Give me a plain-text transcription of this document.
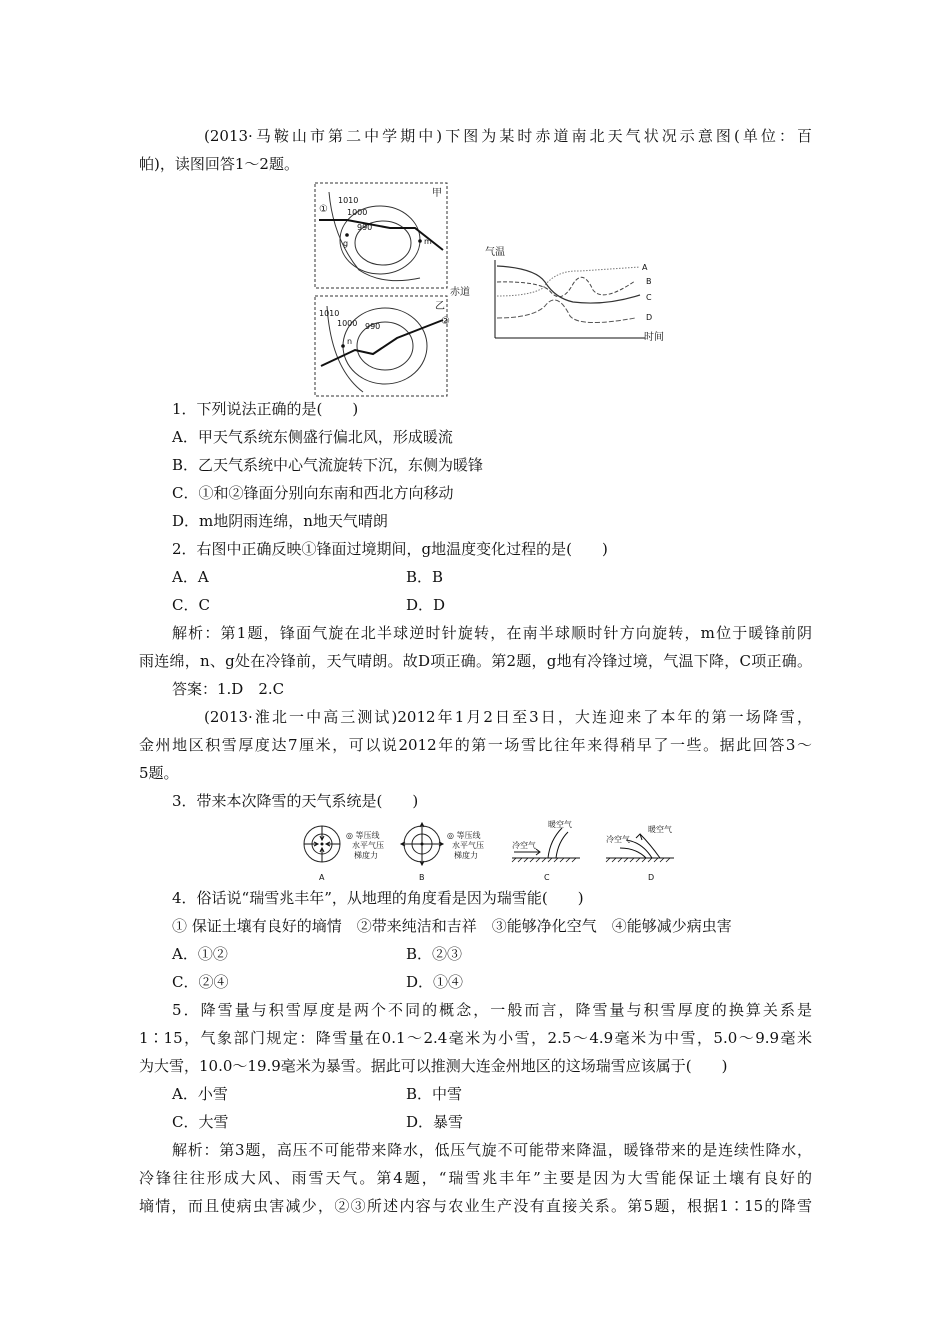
(2013·马鞍山市第二中学期中)下图为某时赤道南北天气状况示意图(单位：百
帕)，读图回答1～2题。
甲
1010
1000
990
①
g	m
赤道
乙
②
1010
1000 990
n
气温
时间
A
B
C
D
1．下列说法正确的是(　　)
A．甲天气系统东侧盛行偏北风，形成暖流
B．乙天气系统中心气流旋转下沉，东侧为暖锋
C．①和②锋面分别向东南和西北方向移动
D．m地阴雨连绵，n地天气晴朗
2．右图中正确反映①锋面过境期间，g地温度变化过程的是(　　)
A．A	B．B
C．C	D．D
解析：第1题，锋面气旋在北半球逆时针旋转，在南半球顺时针方向旋转，m位于暖锋前阴
雨连绵，n、g处在冷锋前，天气晴朗。故D项正确。第2题，g地有冷锋过境，气温下降，C项正确。
答案：1.D　2.C
(2013·淮北一中高三测试)2012年1月2日至3日，大连迎来了本年的第一场降雪，
金州地区积雪厚度达7厘米，可以说2012年的第一场雪比往年来得稍早了一些。据此回答3～
5题。
3．带来本次降雪的天气系统是(　　)
◎ 等压线
水平气压
梯度力
A
◎ 等压线
水平气压
梯度力
B
冷空气
暖空气
C
冷空气
暖空气
D
4．俗话说“瑞雪兆丰年”，从地理的角度看是因为瑞雪能(　　)
① 保证土壤有良好的墒情　②带来纯洁和吉祥　③能够净化空气　④能够减少病虫害
A．①②	B．②③
C．②④	D．①④
5．降雪量与积雪厚度是两个不同的概念，一般而言，降雪量与积雪厚度的换算关系是
1∶15，气象部门规定：降雪量在0.1～2.4毫米为小雪，2.5～4.9毫米为中雪，5.0～9.9毫米
为大雪，10.0～19.9毫米为暴雪。据此可以推测大连金州地区的这场瑞雪应该属于(　　)
A．小雪	B．中雪
C．大雪	D．暴雪
解析：第3题，高压不可能带来降水，低压气旋不可能带来降温，暖锋带来的是连续性降水，
冷锋往往形成大风、雨雪天气。第4题，“瑞雪兆丰年”主要是因为大雪能保证土壤有良好的
墒情，而且使病虫害减少，②③所述内容与农业生产没有直接关系。第5题，根据1∶15的降雪
